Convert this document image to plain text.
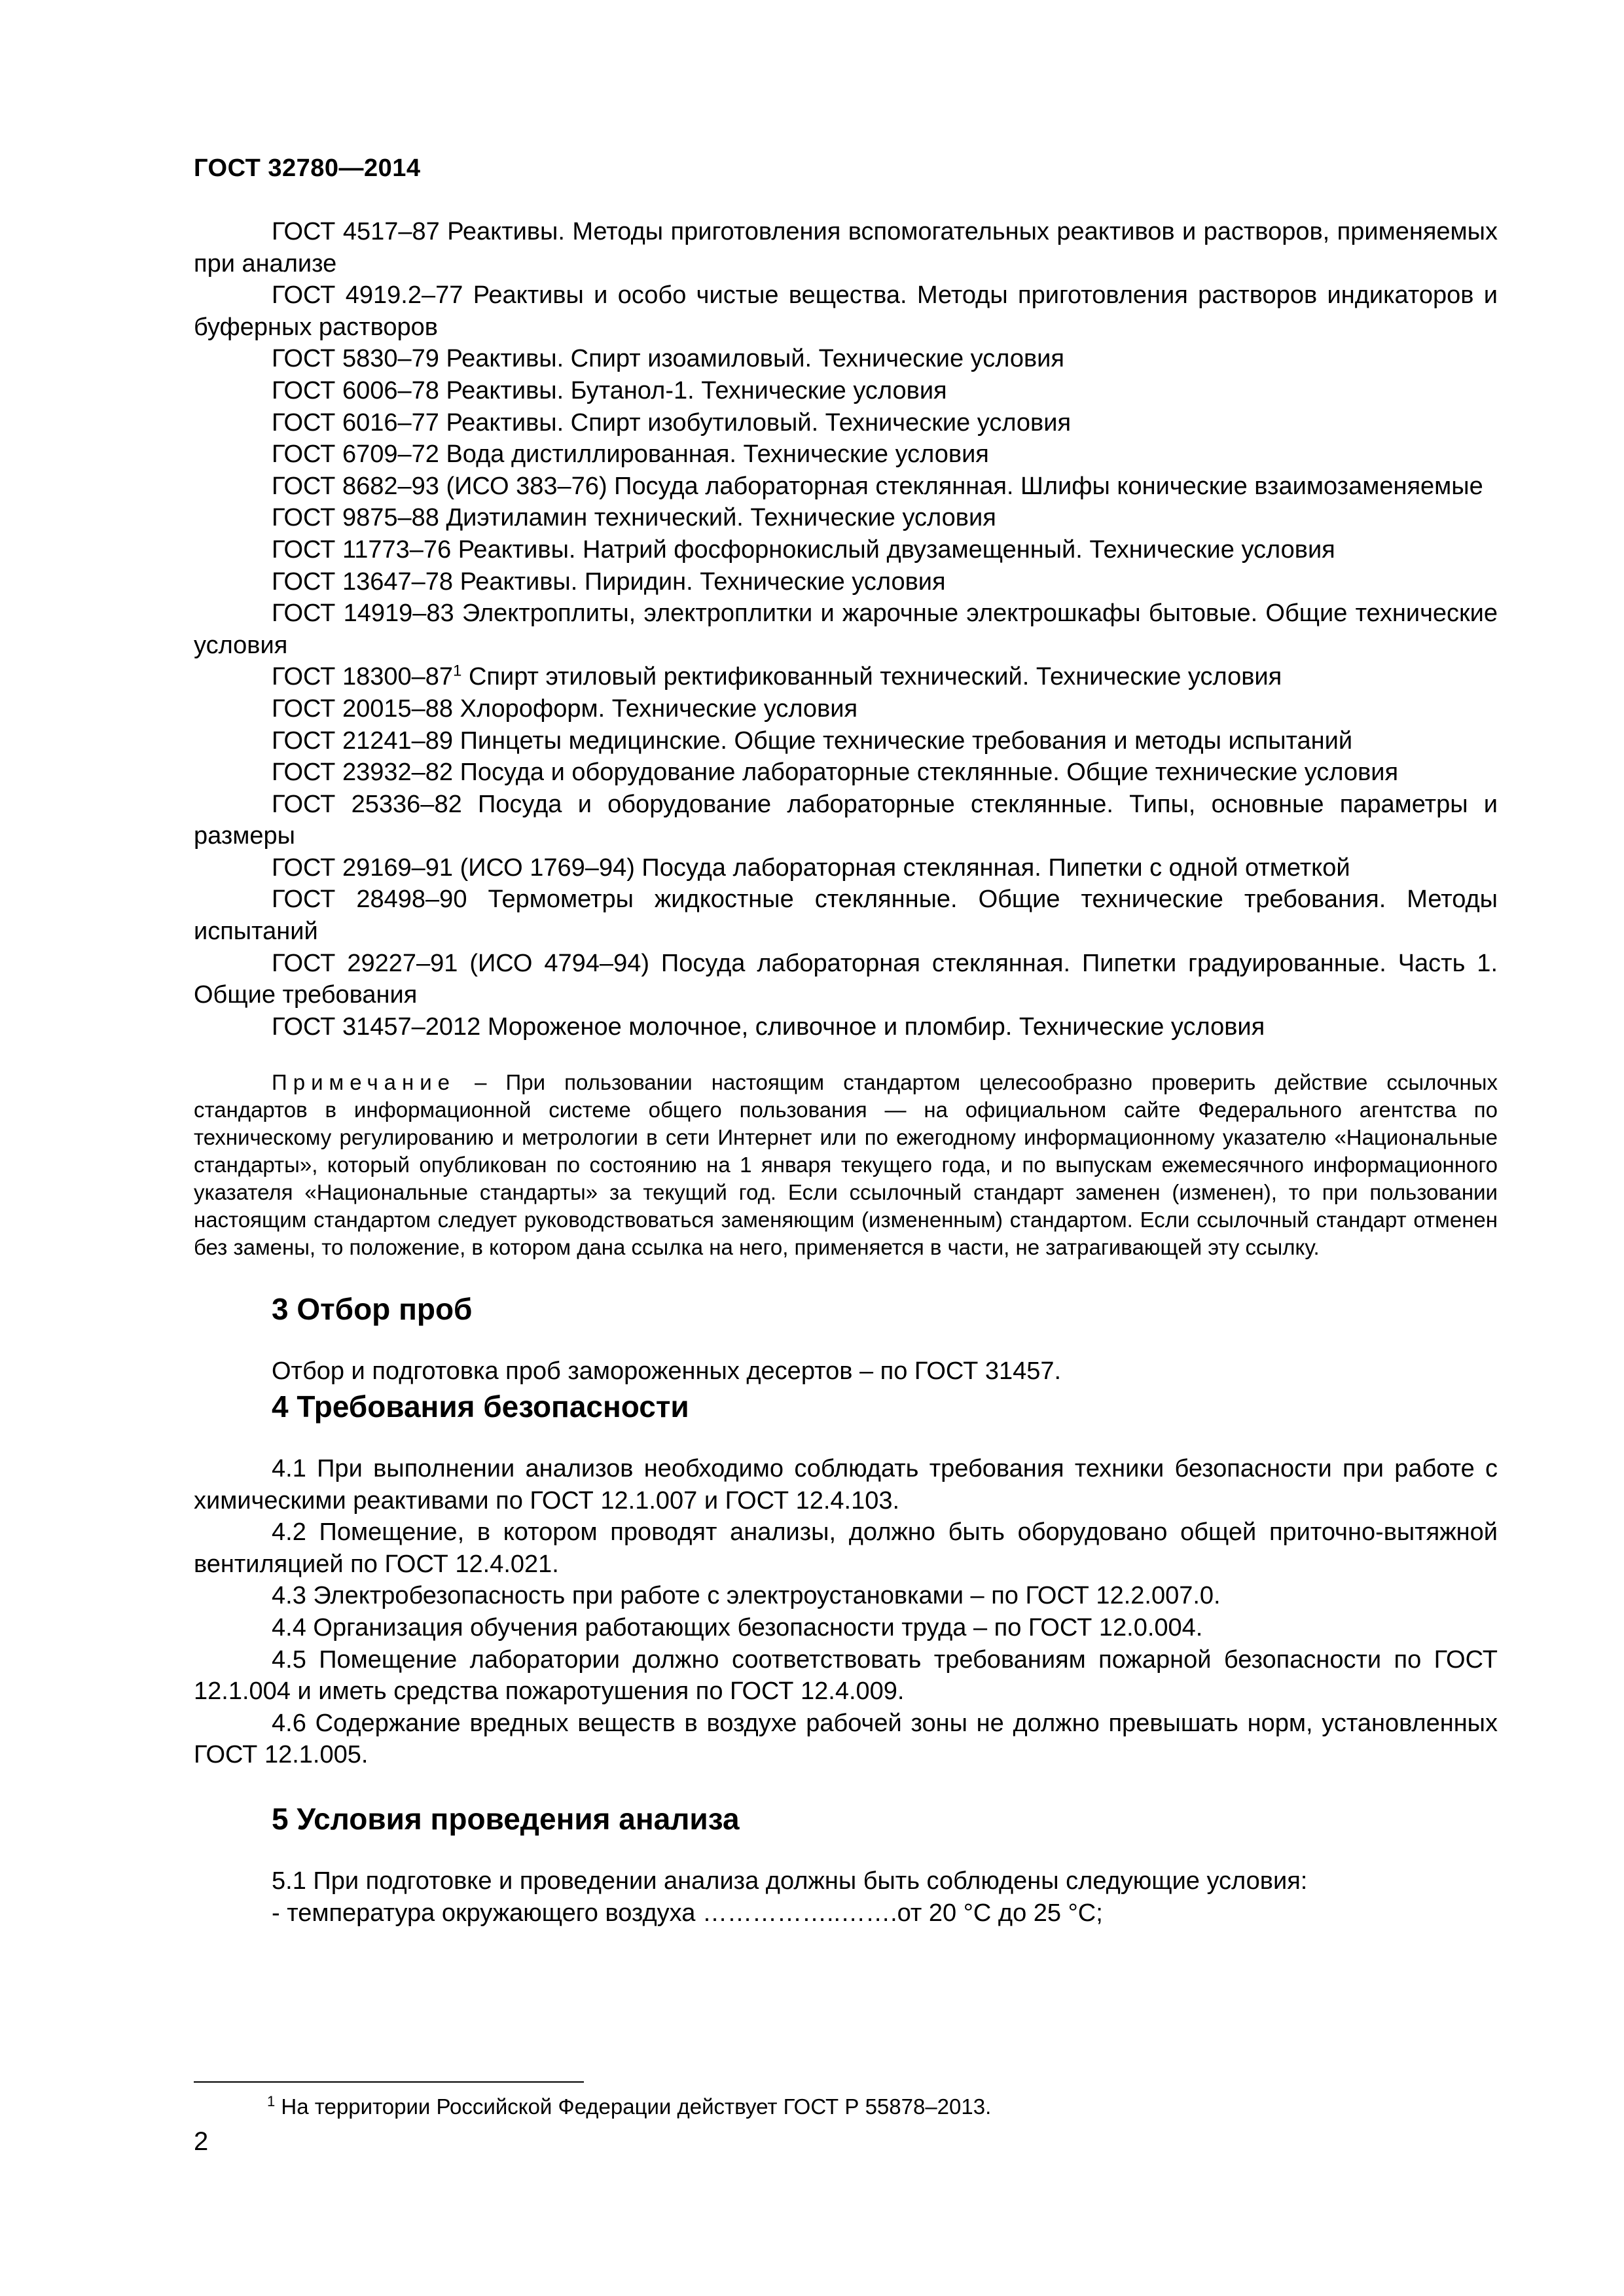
ГОСТ 32780—2014

ГОСТ 4517–87 Реактивы. Методы приготовления вспомогательных реактивов и растворов, применяемых при анализе

ГОСТ 4919.2–77 Реактивы и особо чистые вещества. Методы приготовления растворов индикаторов и буферных растворов

ГОСТ 5830–79 Реактивы. Спирт изоамиловый. Технические условия

ГОСТ 6006–78 Реактивы. Бутанол-1. Технические условия

ГОСТ 6016–77 Реактивы. Спирт изобутиловый. Технические условия

ГОСТ 6709–72 Вода дистиллированная. Технические условия

ГОСТ 8682–93 (ИСО 383–76) Посуда лабораторная стеклянная. Шлифы конические взаимозаменяемые

ГОСТ 9875–88 Диэтиламин технический. Технические условия

ГОСТ 11773–76 Реактивы. Натрий фосфорнокислый двузамещенный. Технические условия

ГОСТ 13647–78 Реактивы. Пиридин. Технические условия

ГОСТ 14919–83 Электроплиты, электроплитки и жарочные электрошкафы бытовые. Общие технические условия

ГОСТ $18300-87^1$ Спирт этиловый ректификованный технический. Технические условия

ГОСТ 20015–88 Хлороформ. Технические условия

ГОСТ 21241–89 Пинцеты медицинские. Общие технические требования и методы испытаний

ГОСТ 23932–82 Посуда и оборудование лабораторные стеклянные. Общие технические условия

ГОСТ 25336–82 Посуда и оборудование лабораторные стеклянные. Типы, основные параметры и размеры

ГОСТ 29169–91 (ИСО 1769–94) Посуда лабораторная стеклянная. Пипетки с одной отметкой

ГОСТ 28498–90 Термометры жидкостные стеклянные. Общие технические требования. Методы испытаний

ГОСТ 29227–91 (ИСО 4794–94) Посуда лабораторная стеклянная. Пипетки градуированные. Часть 1. Общие требования

ГОСТ 31457–2012 Мороженое молочное, сливочное и пломбир. Технические условия

Примечание – При пользовании настоящим стандартом целесообразно проверить действие ссылочных стандартов в информационной системе общего пользования — на официальном сайте Федерального агентства по техническому регулированию и метрологии в сети Интернет или по ежегодному информационному указателю «Национальные стандарты», который опубликован по состоянию на 1 января текущего года, и по выпускам ежемесячного информационного указателя «Национальные стандарты» за текущий год. Если ссылочный стандарт заменен (изменен), то при пользовании настоящим стандартом следует руководствоваться заменяющим (измененным) стандартом. Если ссылочный стандарт отменен без замены, то положение, в котором дана ссылка на него, применяется в части, не затрагивающей эту ссылку.

3 Отбор проб

Отбор и подготовка проб замороженных десертов – по ГОСТ 31457.

4 Требования безопасности

4.1 При выполнении анализов необходимо соблюдать требования техники безопасности при работе с химическими реактивами по ГОСТ 12.1.007 и ГОСТ 12.4.103.

4.2 Помещение, в котором проводят анализы, должно быть оборудовано общей приточно-вытяжной вентиляцией по ГОСТ 12.4.021.

4.3 Электробезопасность при работе с электроустановками – по ГОСТ 12.2.007.0.

4.4 Организация обучения работающих безопасности труда – по ГОСТ 12.0.004.

4.5 Помещение лаборатории должно соответствовать требованиям пожарной безопасности по ГОСТ 12.1.004 и иметь средства пожаротушения по ГОСТ 12.4.009.

4.6 Содержание вредных веществ в воздухе рабочей зоны не должно превышать норм, установленных ГОСТ 12.1.005.

5 Условия проведения анализа

5.1 При подготовке и проведении анализа должны быть соблюдены следующие условия:

- температура окружающего воздуха ……………..…….от 20 °С до 25 °С;

$^1$ На территории Российской Федерации действует ГОСТ Р 55878–2013.
2
